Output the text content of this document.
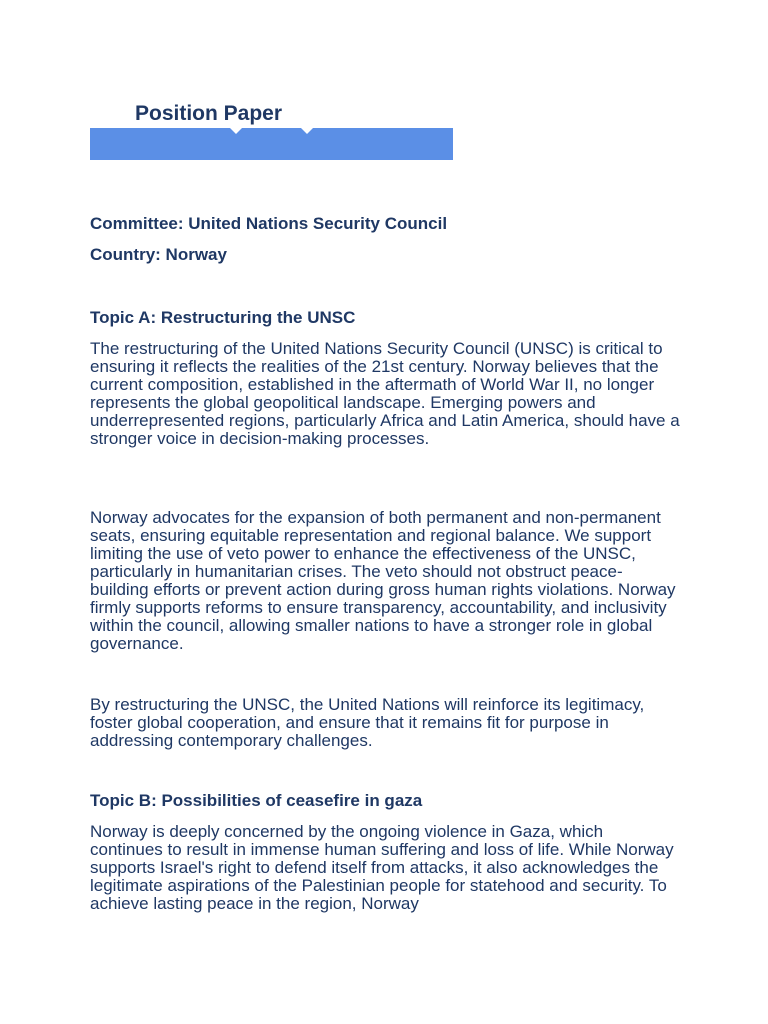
Position Paper

Committee: United Nations Security Council

Country: Norway

Topic A: Restructuring the UNSC

The restructuring of the United Nations Security Council (UNSC) is critical to ensuring it reflects the realities of the 21st century. Norway believes that the current composition, established in the aftermath of World War II, no longer represents the global geopolitical landscape. Emerging powers and underrepresented regions, particularly Africa and Latin America, should have a stronger voice in decision-making processes.

Norway advocates for the expansion of both permanent and non-permanent seats, ensuring equitable representation and regional balance. We support limiting the use of veto power to enhance the effectiveness of the UNSC, particularly in humanitarian crises. The veto should not obstruct peace-building efforts or prevent action during gross human rights violations. Norway firmly supports reforms to ensure transparency, accountability, and inclusivity within the council, allowing smaller nations to have a stronger role in global governance.

By restructuring the UNSC, the United Nations will reinforce its legitimacy, foster global cooperation, and ensure that it remains fit for purpose in addressing contemporary challenges.

Topic B: Possibilities of ceasefire in gaza

Norway is deeply concerned by the ongoing violence in Gaza, which continues to result in immense human suffering and loss of life. While Norway supports Israel's right to defend itself from attacks, it also acknowledges the legitimate aspirations of the Palestinian people for statehood and security. To achieve lasting peace in the region, Norway
